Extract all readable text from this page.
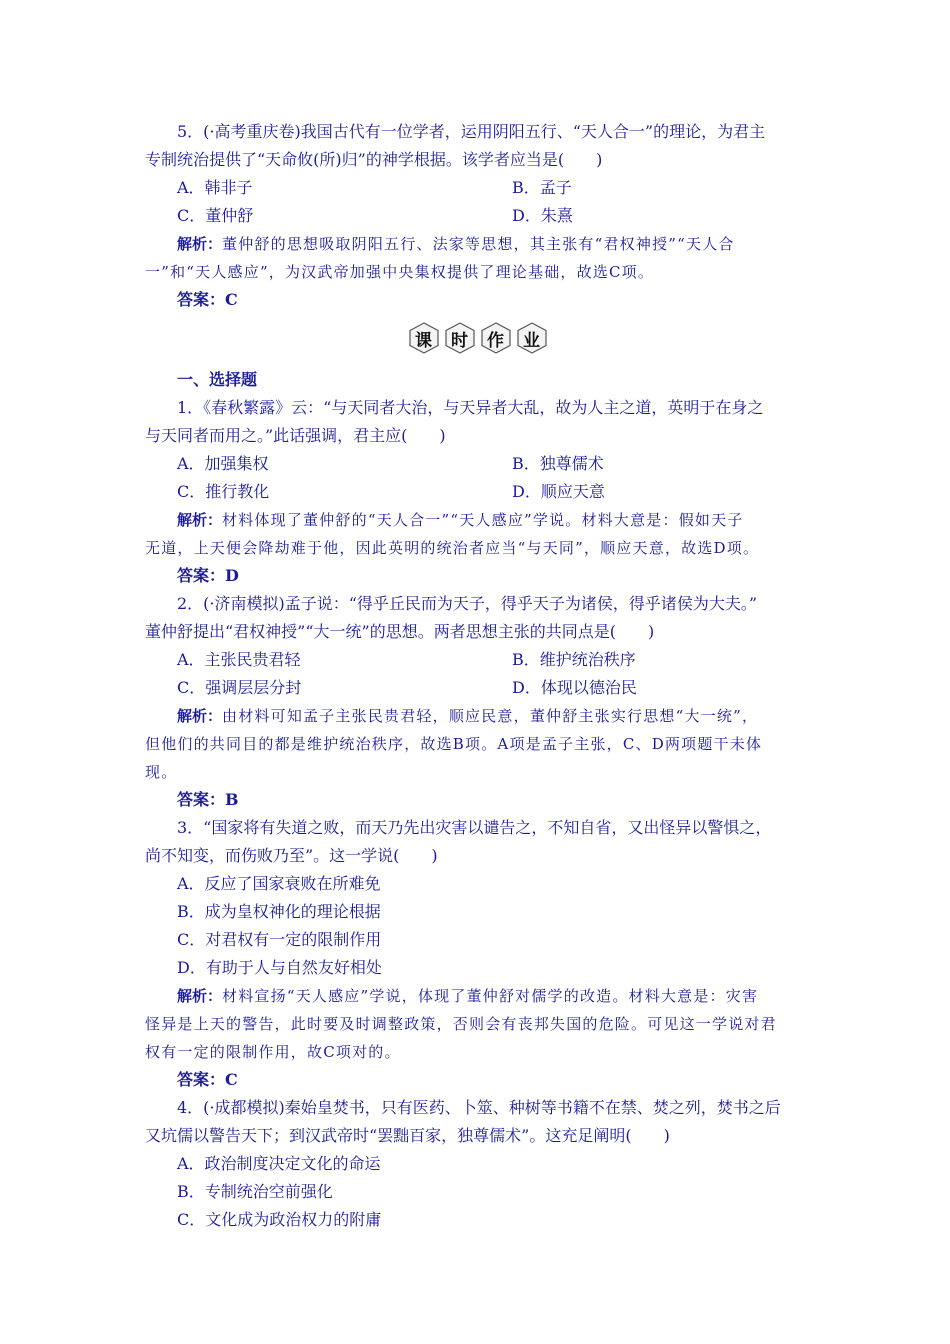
5．(·高考重庆卷)我国古代有一位学者，运用阴阳五行、“天人合一”的理论，为君主
专制统治提供了“天命攸(所)归”的神学根据。该学者应当是(　　)
A．韩非子	B．孟子
C．董仲舒	D．朱熹
解析：董仲舒的思想吸取阴阳五行、法家等思想，其主张有“君权神授”“天人合
一”和“天人感应”，为汉武帝加强中央集权提供了理论基础，故选C项。
答案：C
课 时 作 业
一、选择题
1．《春秋繁露》云：“与天同者大治，与天异者大乱，故为人主之道，英明于在身之
与天同者而用之。”此话强调，君主应(　　)
A．加强集权	B．独尊儒术
C．推行教化	D．顺应天意
解析：材料体现了董仲舒的“天人合一”“天人感应”学说。材料大意是：假如天子
无道，上天便会降劫难于他，因此英明的统治者应当“与天同”，顺应天意，故选D项。
答案：D
2．(·济南模拟)孟子说：“得乎丘民而为天子，得乎天子为诸侯，得乎诸侯为大夫。”
董仲舒提出“君权神授”“大一统”的思想。两者思想主张的共同点是(　　)
A．主张民贵君轻	B．维护统治秩序
C．强调层层分封	D．体现以德治民
解析：由材料可知孟子主张民贵君轻，顺应民意，董仲舒主张实行思想“大一统”，
但他们的共同目的都是维护统治秩序，故选B项。A项是孟子主张，C、D两项题干未体
现。
答案：B
3．“国家将有失道之败，而天乃先出灾害以谴告之，不知自省，又出怪异以警惧之，
尚不知变，而伤败乃至”。这一学说(　　)
A．反应了国家衰败在所难免
B．成为皇权神化的理论根据
C．对君权有一定的限制作用
D．有助于人与自然友好相处
解析：材料宣扬“天人感应”学说，体现了董仲舒对儒学的改造。材料大意是：灾害
怪异是上天的警告，此时要及时调整政策，否则会有丧邦失国的危险。可见这一学说对君
权有一定的限制作用，故C项对的。
答案：C
4．(·成都模拟)秦始皇焚书，只有医药、卜筮、种树等书籍不在禁、焚之列，焚书之后
又坑儒以警告天下；到汉武帝时“罢黜百家，独尊儒术”。这充足阐明(　　)
A．政治制度决定文化的命运
B．专制统治空前强化
C．文化成为政治权力的附庸
